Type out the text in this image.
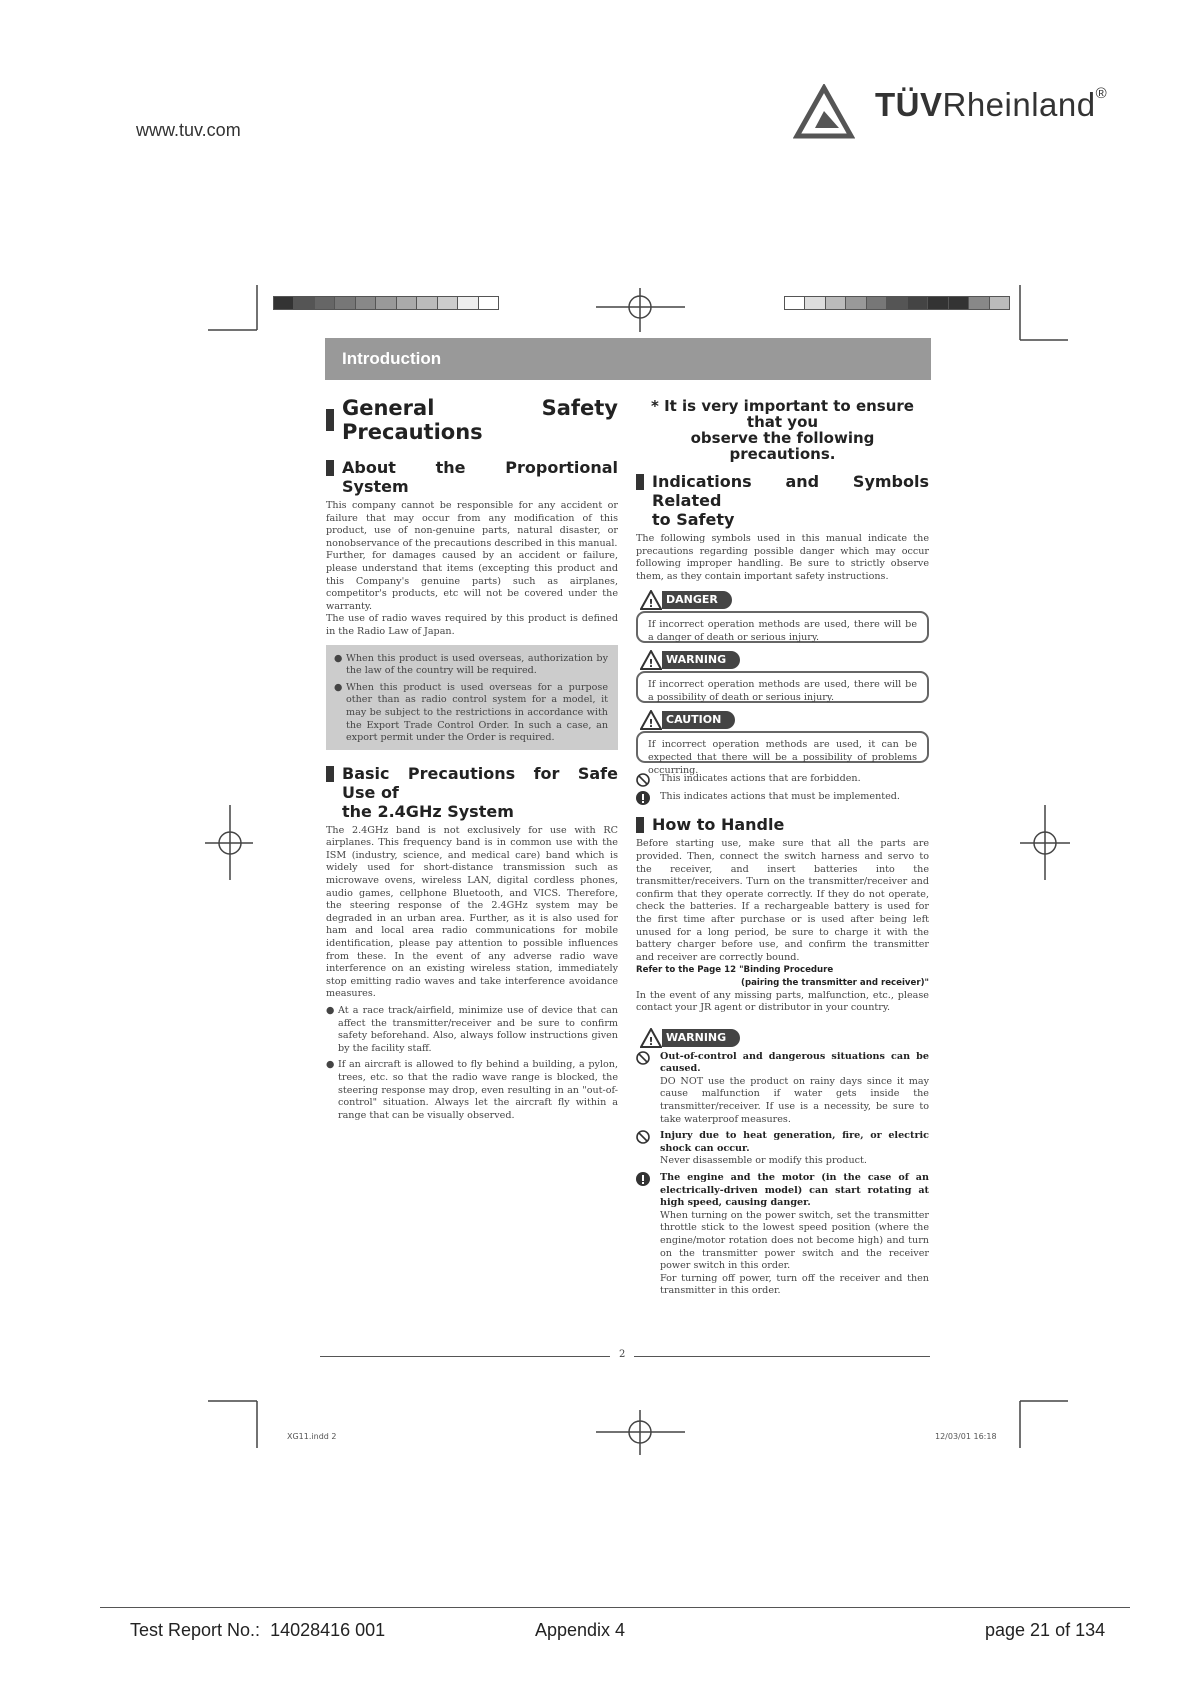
www.tuv.com
TÜVRheinland®
Introduction
General Safety Precautions
About the Proportional System

This company cannot be responsible for any accident or failure that may occur from any modification of this product, use of non-genuine parts, natural disaster, or nonobservance of the precautions described in this manual.

Further, for damages caused by an accident or failure, please understand that items (excepting this product and this Company's genuine parts) such as airplanes, competitor's products, etc will not be covered under the warranty.

The use of radio waves required by this product is defined in the Radio Law of Japan.

● When this product is used overseas, authorization by the law of the country will be required.
● When this product is used overseas for a purpose other than as radio control system for a model, it may be subject to the restrictions in accordance with the Export Trade Control Order. In such a case, an export permit under the Order is required.
Basic Precautions for Safe Use of
the 2.4GHz System

The 2.4GHz band is not exclusively for use with RC airplanes. This frequency band is in common use with the ISM (industry, science, and medical care) band which is widely used for short-distance transmission such as microwave ovens, wireless LAN, digital cordless phones, audio games, cellphone Bluetooth, and VICS. Therefore, the steering response of the 2.4GHz system may be degraded in an urban area. Further, as it is also used for ham and local area radio communications for mobile identification, please pay attention to possible influences from these. In the event of any adverse radio wave interference on an existing wireless station, immediately stop emitting radio waves and take interference avoidance measures.

● At a race track/airfield, minimize use of device that can affect the transmitter/receiver and be sure to confirm safety beforehand. Also, always follow instructions given by the facility staff.
● If an aircraft is allowed to fly behind a building, a pylon, trees, etc. so that the radio wave range is blocked, the steering response may drop, even resulting in an "out-of-control" situation. Always let the aircraft fly within a range that can be visually observed.
* It is very important to ensure that you
observe the following precautions.
Indications and Symbols Related
to Safety

The following symbols used in this manual indicate the precautions regarding possible danger which may occur following improper handling. Be sure to strictly observe them, as they contain important safety instructions.

!	DANGER
If incorrect operation methods are used, there will be a danger of death or serious injury.
!	WARNING
If incorrect operation methods are used, there will be a possibility of death or serious injury.
!	CAUTION
If incorrect operation methods are used, it can be expected that there will be a possibility of problems occurring.
This indicates actions that are forbidden.
This indicates actions that must be implemented.
How to Handle

Before starting use, make sure that all the parts are provided. Then, connect the switch harness and servo to the receiver, and insert batteries into the transmitter/receivers. Turn on the transmitter/receiver and confirm that they operate correctly. If they do not operate, check the batteries. If a rechargeable battery is used for the first time after purchase or is used after being left unused for a long period, be sure to charge it with the battery charger before use, and confirm the transmitter and receiver are correctly bound.

Refer to the Page 12 "Binding Procedure

(pairing the transmitter and receiver)"

In the event of any missing parts, malfunction, etc., please contact your JR agent or distributor in your country.

!	WARNING

Out-of-control and dangerous situations can be caused.

DO NOT use the product on rainy days since it may cause malfunction if water gets inside the transmitter/receiver. If use is a necessity, be sure to take waterproof measures.

Injury due to heat generation, fire, or electric shock can occur.

Never disassemble or modify this product.

The engine and the motor (in the case of an electrically-driven model) can start rotating at high speed, causing danger.

When turning on the power switch, set the transmitter throttle stick to the lowest speed position (where the engine/motor rotation does not become high) and turn on the transmitter power switch and the receiver power switch in this order.

For turning off power, turn off the receiver and then transmitter in this order.

2
XG11.indd 2	12/03/01 16:18
Test Report No.: 14028416 001	Appendix 4	page 21 of 134
